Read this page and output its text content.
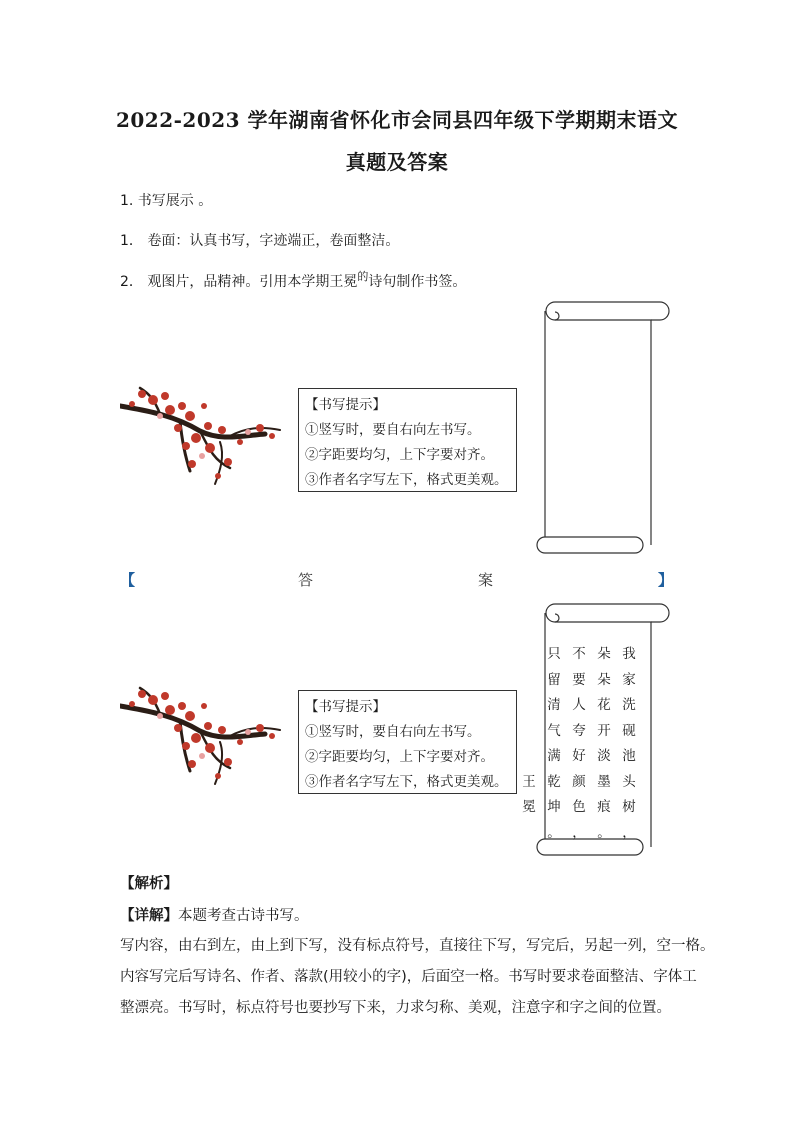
2022-2023 学年湖南省怀化市会同县四年级下学期期末语文
真题及答案
1. 书写展示 。
1． 卷面：认真书写，字迹端正，卷面整洁。
2． 观图片，品精神。引用本学期王冕$^的$诗句制作书签。
【书写提示】
①竖写时，要自右向左书写。
②字距要均匀，上下字要对齐。
③作者名字写左下，格式更美观。
【	答	案	】
【书写提示】
①竖写时，要自右向左书写。
②字距要均匀，上下字要对齐。
③作者名字写左下，格式更美观。
我
家
洗
砚
池
头
树
，
朵
朵
花
开
淡
墨
痕
。
不
要
人
夸
好
颜
色
，
只
留
清
气
满
乾
坤
。
王
冕
【解析】
【详解】本题考查古诗书写。
写内容，由右到左，由上到下写，没有标点符号，直接往下写，写完后，另起一列，空一格。
内容写完后写诗名、作者、落款(用较小的字)，后面空一格。书写时要求卷面整洁、字体工
整漂亮。书写时，标点符号也要抄写下来，力求匀称、美观，注意字和字之间的位置。
